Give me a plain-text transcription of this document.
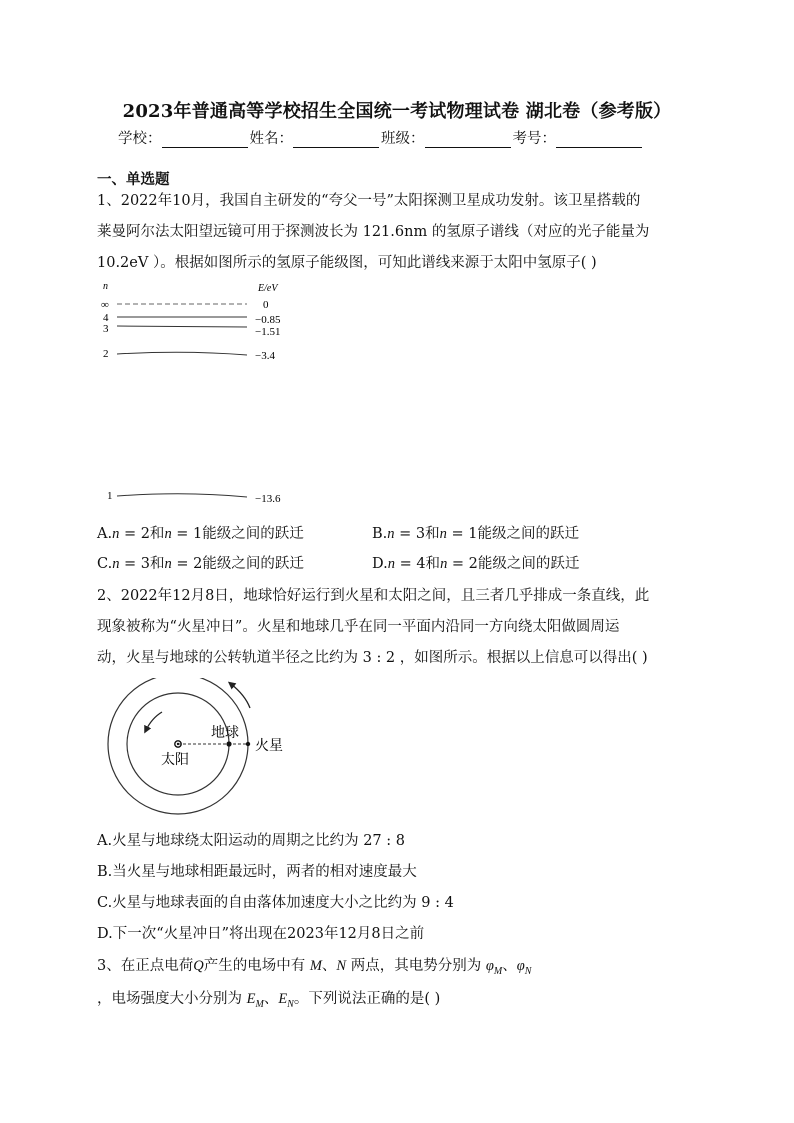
2023年普通高等学校招生全国统一考试物理试卷 湖北卷（参考版）
学校：	姓名：	班级：	考号：
一、单选题
1、2022年10月，我国自主研发的“夸父一号”太阳探测卫星成功发射。该卫星搭载的
莱曼阿尔法太阳望远镜可用于探测波长为 121.6nm 的氢原子谱线（对应的光子能量为
10.2eV ）。根据如图所示的氢原子能级图，可知此谱线来源于太阳中氢原子( )
n	E/eV
∞	0
4	−0.85
3	−1.51
2	−3.4
1	−13.6
A.n = 2和n = 1能级之间的跃迁	B.n = 3和n = 1能级之间的跃迁
C.n = 3和n = 2能级之间的跃迁	D.n = 4和n = 2能级之间的跃迁
2、2022年12月8日，地球恰好运行到火星和太阳之间，且三者几乎排成一条直线，此
现象被称为“火星冲日”。火星和地球几乎在同一平面内沿同一方向绕太阳做圆周运
动，火星与地球的公转轨道半径之比约为 3 : 2 ，如图所示。根据以上信息可以得出( )
太阳
地球
火星
A.火星与地球绕太阳运动的周期之比约为 27 : 8
B.当火星与地球相距最远时，两者的相对速度最大
C.火星与地球表面的自由落体加速度大小之比约为 9 : 4
D.下一次“火星冲日”将出现在2023年12月8日之前
3、在正点电荷Q产生的电场中有 M、N 两点，其电势分别为 $\varphi_M$、$\varphi_N$
，电场强度大小分别为 $E_M$、$E_N$。下列说法正确的是( )
